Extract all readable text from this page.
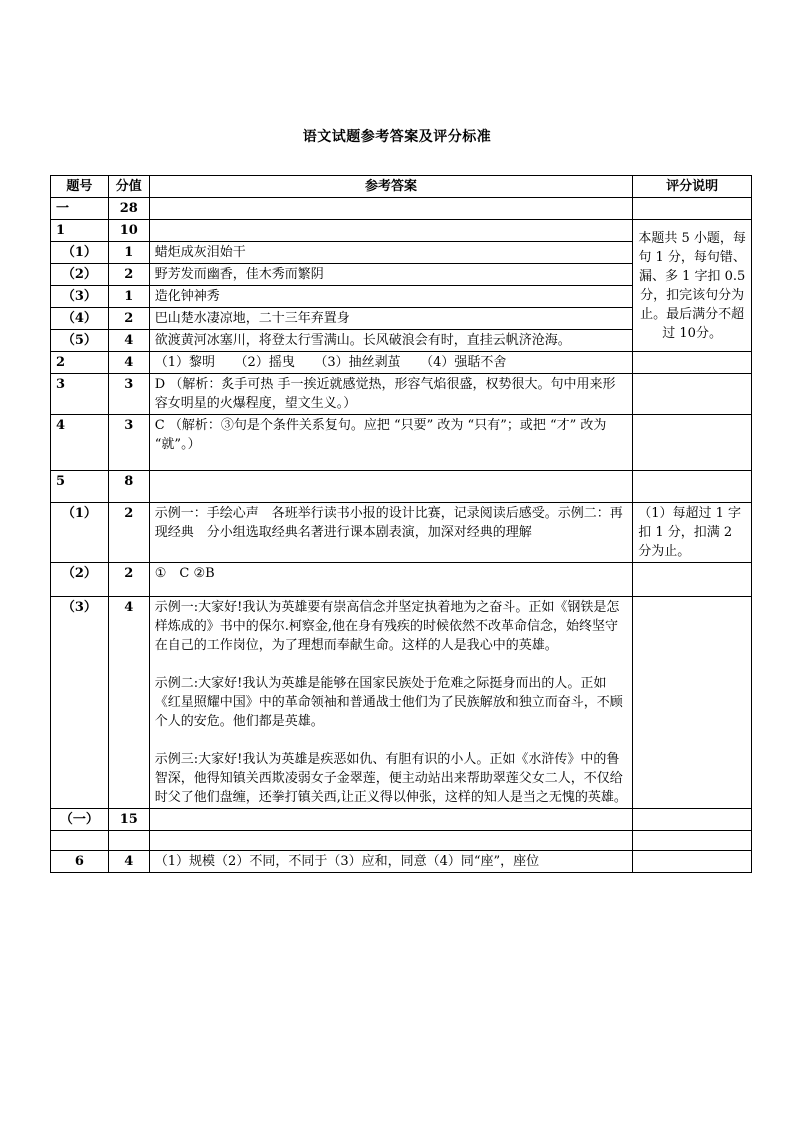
语文试题参考答案及评分标准
题号	分值	参考答案	评分说明
一	28		
1	10		本题共 5 小题，每句 1 分，每句错、漏、多 1 字扣 0.5 分，扣完该句分为止。最后满分不超过 10分。
（1）	1	蜡炬成灰泪始干	
（2）	2	野芳发而幽香，佳木秀而繁阴	
（3）	1	造化钟神秀	
（4）	2	巴山楚水凄凉地，二十三年弃置身	
（5）	4	欲渡黄河冰塞川，将登太行雪满山。长风破浪会有时，直挂云帆济沧海。	
2	4	（1）黎明　　（2）摇曳　　（3）抽丝剥茧　　（4）强聒不舍	
3	3	D （解析：炙手可热 手一挨近就感觉热，形容气焰很盛，权势很大。句中用来形容女明星的火爆程度，望文生义。）	
4	3	C （解析：③句是个条件关系复句。应把 “只要” 改为 “只有”；或把 “才” 改为 “就”。）	
5	8		
（1）	2	示例一：手绘心声　各班举行读书小报的设计比赛，记录阅读后感受。示例二：再现经典　分小组选取经典名著进行课本剧表演，加深对经典的理解	（1）每超过 1 字扣 1 分，扣满 2 分为止。
（2）	2	①　C ②B	
（3）	4	示例一:大家好!我认为英雄要有崇高信念并坚定执着地为之奋斗。正如《钢铁是怎样炼成的》书中的保尔.柯察金,他在身有残疾的时候依然不改革命信念，始终坚守在自己的工作岗位，为了理想而奉献生命。这样的人是我心中的英雄。

示例二:大家好!我认为英雄是能够在国家民族处于危难之际挺身而出的人。正如《红星照耀中国》中的革命领袖和普通战士他们为了民族解放和独立而奋斗，不顾个人的安危。他们都是英雄。

示例三:大家好!我认为英雄是疾恶如仇、有胆有识的小人。正如《水浒传》中的鲁智深，他得知镇关西欺凌弱女子金翠莲，便主动站出来帮助翠莲父女二人，不仅给时父了他们盘缠，还拳打镇关西,让正义得以伸张，这样的知人是当之无愧的英雄。	

（一）	15		

6	4	（1）规模（2）不同，不同于（3）应和，同意（4）同“座”，座位	
